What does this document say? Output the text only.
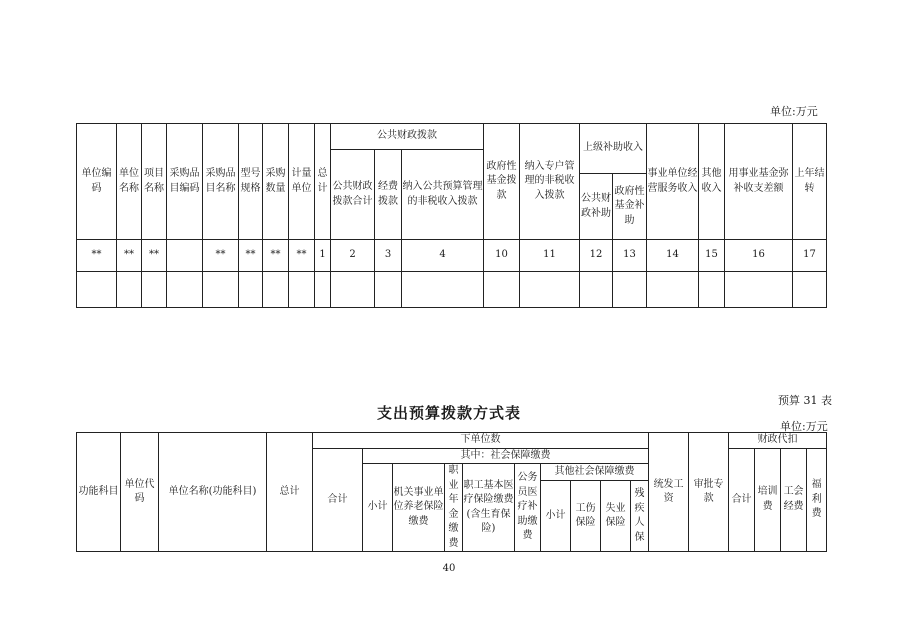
单位:万元
单位编码	单位名称	项目名称	采购品目编码	采购品目名称	型号规格	采购数量	计量单位	总计	公共财政拨款			政府性基金拨款	纳入专户管理的非税收入拨款	上级补助收入		事业单位经营服务收入	其他收入	用事业基金弥补收支差额	上年结转
									公共财政拨款合计	经费拨款	纳入公共预算管理的非税收入拨款								
														公共财政补助	政府性基金补助				
**	**	**		**	**	**	**	1	2	3	4	10	11	12	13	14	15	16	17

预算 31 表
支出预算拨款方式表
单位:万元
功能科目	单位代码	单位名称(功能科目)	总计	下单位数										统发工资	审批专款	财政代扣			
				合计	其中：社会保障缴费											合计	培训费	工会经费	福利费
					小计	机关事业单位养老保险缴费	职业年金缴费	职工基本医疗保险缴费(含生育保险)	公务员医疗补助缴费	其他社会保障缴费									
										小计	工伤保险	失业保险	残疾人保						
40
